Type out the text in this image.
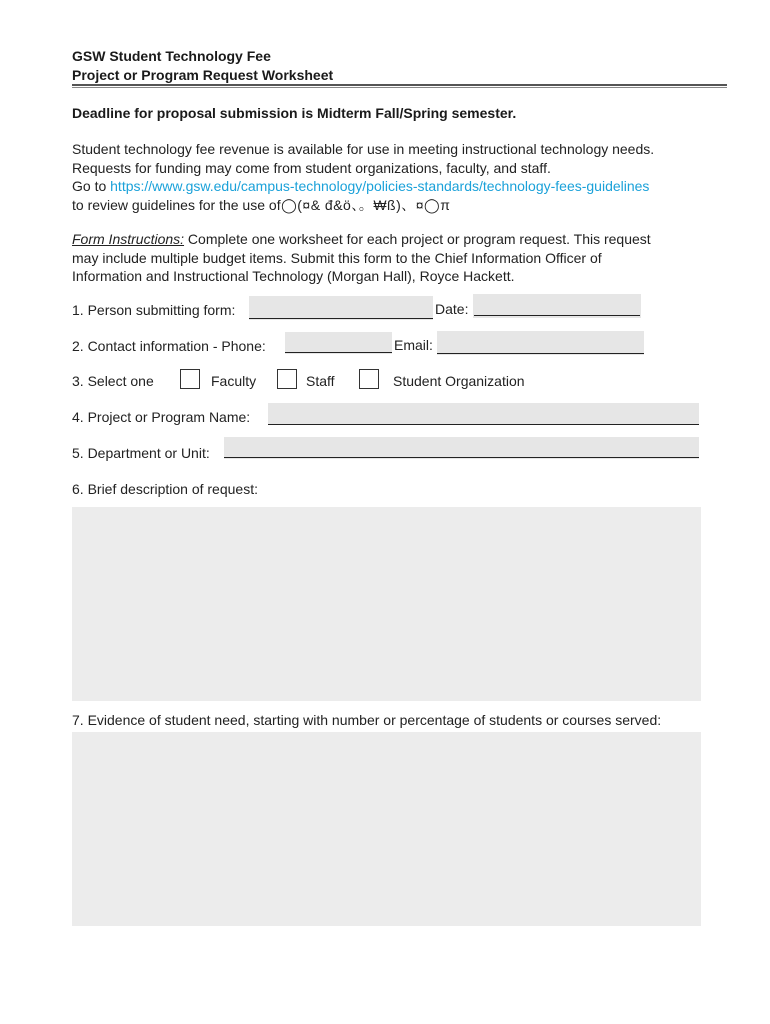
GSW Student Technology Fee
Project or Program Request Worksheet
Deadline for proposal submission is Midterm Fall/Spring semester.
Student technology fee revenue is available for use in meeting instructional technology needs.
Requests for funding may come from student organizations, faculty, and staff.
Go to https://www.gsw.edu/campus-technology/policies-standards/technology-fees-guidelines
to review guidelines for the use of◯(¤& đ&ö、。₩ß)、¤◯π
Form Instructions: Complete one worksheet for each project or program request. This request
may include multiple budget items. Submit this form to the Chief Information Officer of
Information and Instructional Technology (Morgan Hall), Royce Hackett.
1. Person submitting form:	Date:
2. Contact information - Phone:	Email:
3. Select one	Faculty	Staff	Student Organization
4. Project or Program Name:
5. Department or Unit:
6. Brief description of request:
7. Evidence of student need, starting with number or percentage of students or courses served:
